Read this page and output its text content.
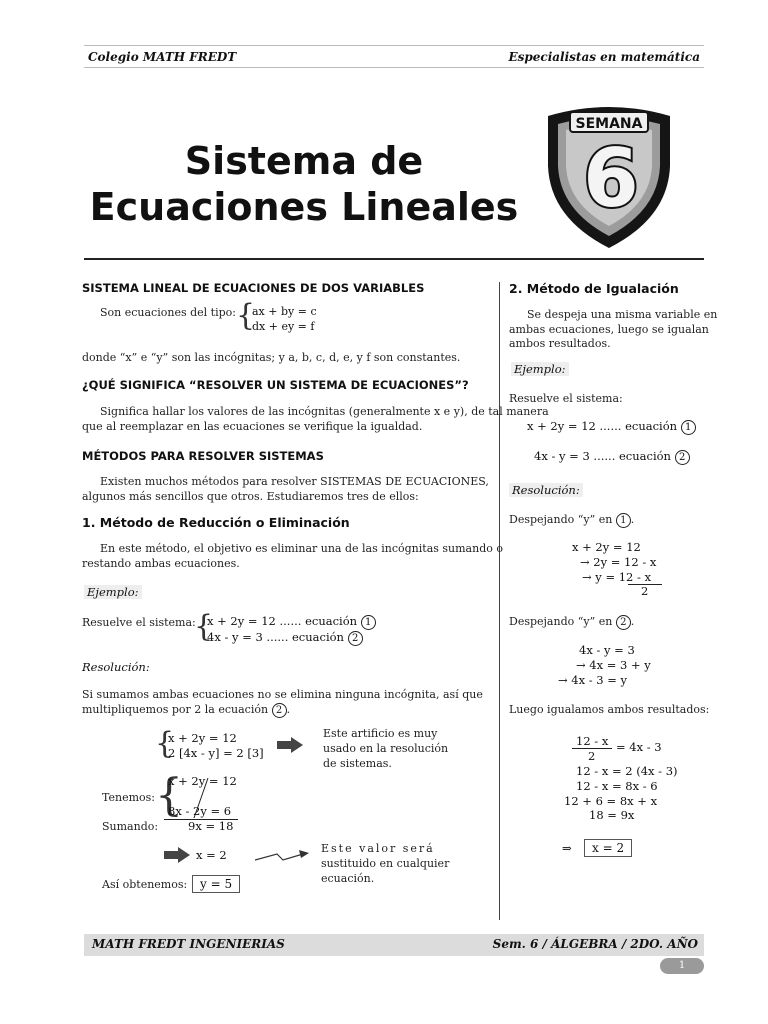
Colegio MATH FREDT	Especialistas en matemática
Sistema de
Ecuaciones Lineales
SEMANA
6
SISTEMA LINEAL DE ECUACIONES DE DOS VARIABLES
Son ecuaciones del tipo: {
ax + by = c
dx + ey = f
donde “x” e “y” son las incógnitas; y a, b, c, d, e, y f son constantes.
¿QUÉ SIGNIFICA “RESOLVER UN SISTEMA DE ECUACIONES”?
Significa hallar los valores de las incógnitas (generalmente x e y), de tal manera
que al reemplazar en las ecuaciones se verifique la igualdad.
MÉTODOS PARA RESOLVER SISTEMAS
Existen muchos métodos para resolver SISTEMAS DE ECUACIONES,
algunos más sencillos que otros. Estudiaremos tres de ellos:
1. Método de Reducción o Eliminación
En este método, el objetivo es eliminar una de las incógnitas sumando o
restando ambas ecuaciones.
Ejemplo:
Resuelve el sistema:
{
x + 2y = 12 ...... ecuación 1
4x - y = 3 ...... ecuación 2
Resolución:
Si sumamos ambas ecuaciones no se elimina ninguna incógnita, así que
multipliquemos por 2 la ecuación 2 .
{
x + 2y = 12
2 [4x - y] = 2 [3]
Este artificio es muy
usado en la resolución
de sistemas.
Tenemos: {
x + 2y = 12
8x - 2y = 6
Sumando:	9x = 18
x = 2	Este valor será
sustituido en cualquier
ecuación.
Así obtenemos:	y = 5
2. Método de Igualación
Se despeja una misma variable en
ambas ecuaciones, luego se igualan
ambos resultados.
Ejemplo:
Resuelve el sistema:
x + 2y = 12 ...... ecuación 1
4x - y = 3 ...... ecuación 2
Resolución:
Despejando “y” en 1 .
x + 2y = 12
→ 2y = 12 - x
→ y = 12 - x
2
Despejando “y” en 2 .
4x - y = 3
→ 4x = 3 + y
→ 4x - 3 = y
Luego igualamos ambos resultados:
12 - x
2
= 4x - 3
12 - x = 2 (4x - 3)
12 - x = 8x - 6
12 + 6 = 8x + x
18 = 9x
⇒	x = 2
MATH FREDT INGENIERIAS	Sem. 6 / ÁLGEBRA / 2DO. AÑO
1
